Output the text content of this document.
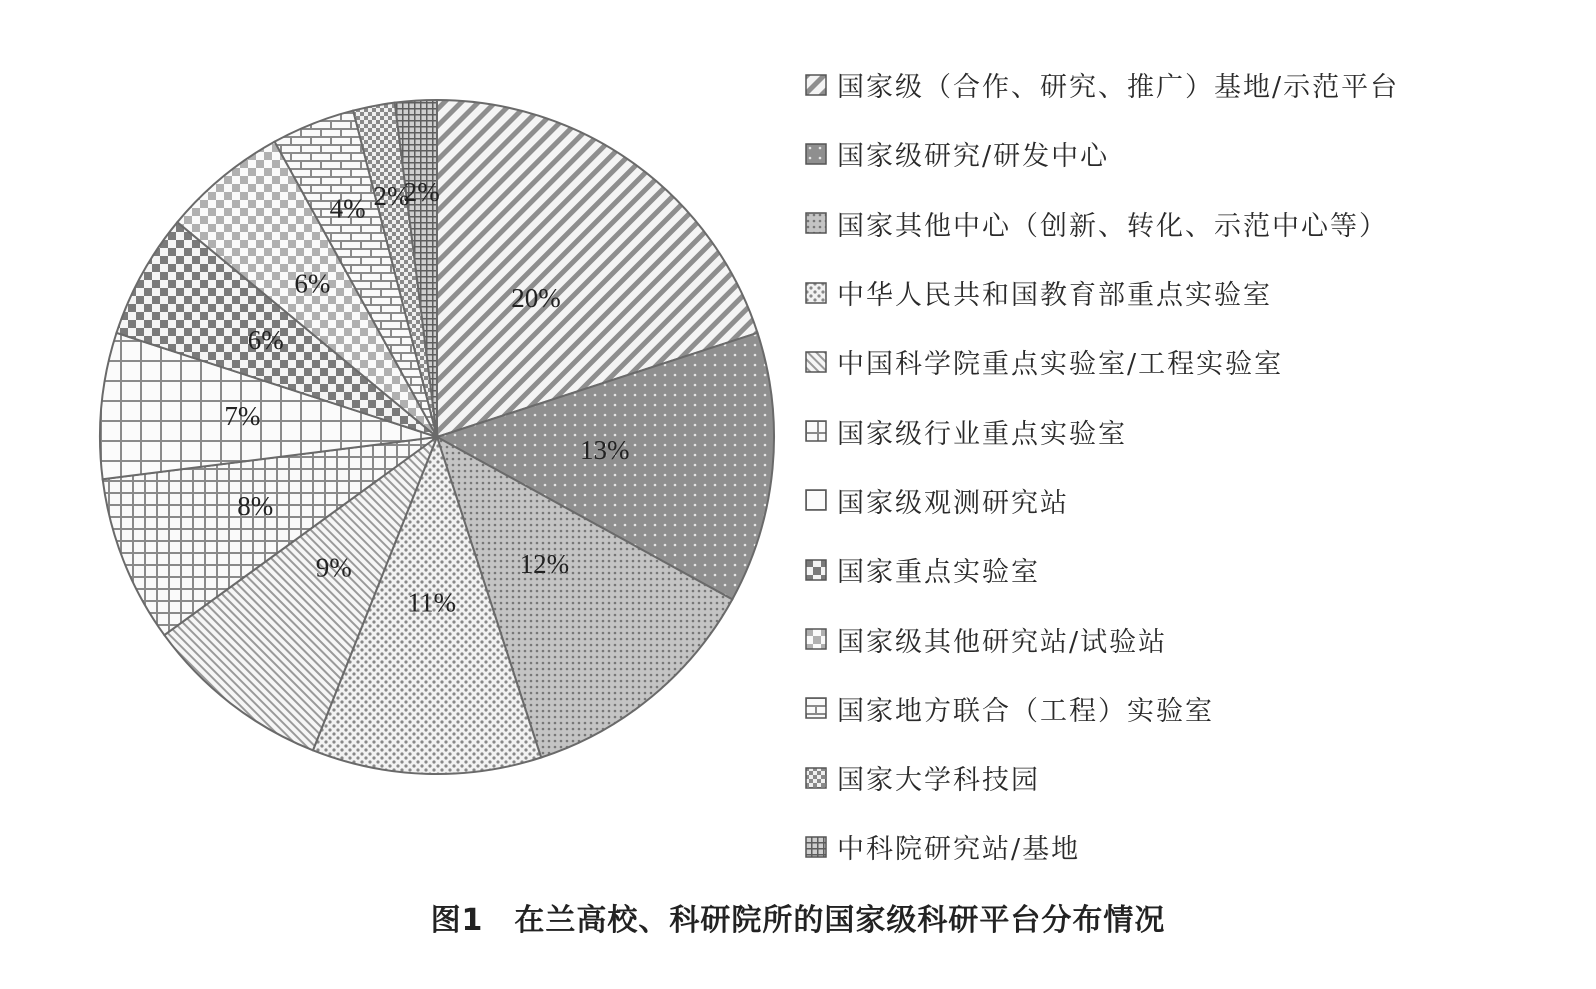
20%
13%
12%
11%
9%
8%
7%
6%
6%
4% 2%
2%
国家级（合作、研究、推广）基地/示范平台
国家级研究/研发中心
国家其他中心（创新、转化、示范中心等）
中华人民共和国教育部重点实验室
中国科学院重点实验室/工程实验室
国家级行业重点实验室
国家级观测研究站
国家重点实验室
国家级其他研究站/试验站
国家地方联合（工程）实验室
国家大学科技园
中科院研究站/基地
图1　在兰高校、科研院所的国家级科研平台分布情况
